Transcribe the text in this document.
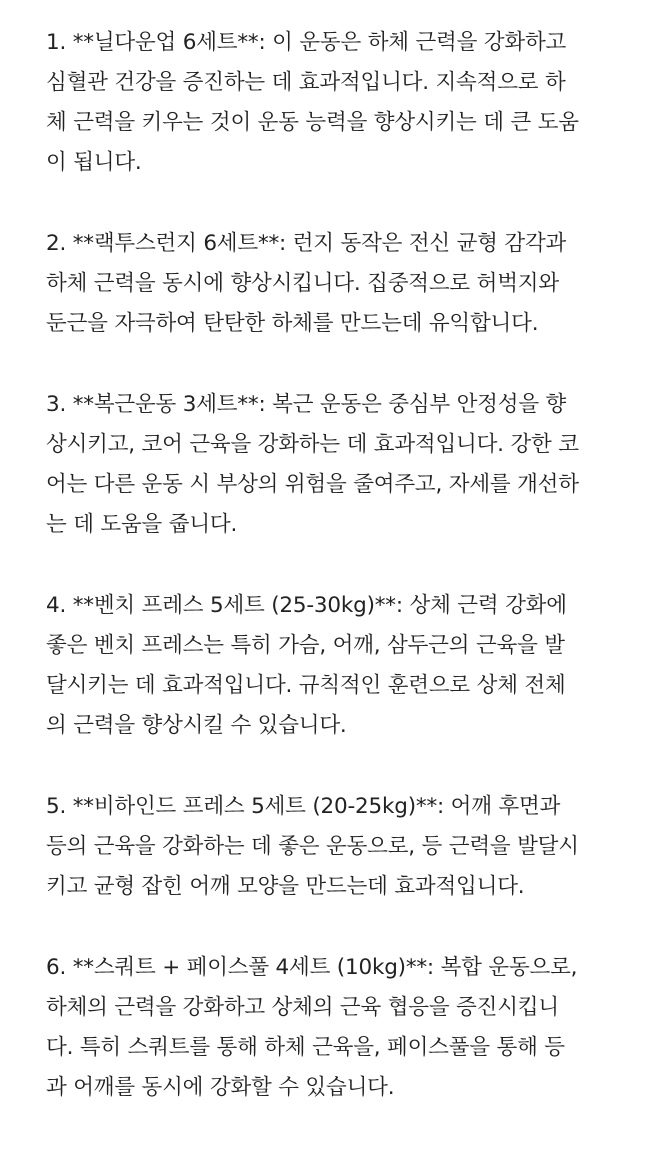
1. **닐다운업 6세트**: 이 운동은 하체 근력을 강화하고
심혈관 건강을 증진하는 데 효과적입니다. 지속적으로 하
체 근력을 키우는 것이 운동 능력을 향상시키는 데 큰 도움
이 됩니다.
2. **랙투스런지 6세트**: 런지 동작은 전신 균형 감각과
하체 근력을 동시에 향상시킵니다. 집중적으로 허벅지와
둔근을 자극하여 탄탄한 하체를 만드는데 유익합니다.
3. **복근운동 3세트**: 복근 운동은 중심부 안정성을 향
상시키고, 코어 근육을 강화하는 데 효과적입니다. 강한 코
어는 다른 운동 시 부상의 위험을 줄여주고, 자세를 개선하
는 데 도움을 줍니다.
4. **벤치 프레스 5세트 (25-30kg)**: 상체 근력 강화에
좋은 벤치 프레스는 특히 가슴, 어깨, 삼두근의 근육을 발
달시키는 데 효과적입니다. 규칙적인 훈련으로 상체 전체
의 근력을 향상시킬 수 있습니다.
5. **비하인드 프레스 5세트 (20-25kg)**: 어깨 후면과
등의 근육을 강화하는 데 좋은 운동으로, 등 근력을 발달시
키고 균형 잡힌 어깨 모양을 만드는데 효과적입니다.
6. **스쿼트 + 페이스풀 4세트 (10kg)**: 복합 운동으로,
하체의 근력을 강화하고 상체의 근육 협응을 증진시킵니
다. 특히 스쿼트를 통해 하체 근육을, 페이스풀을 통해 등
과 어깨를 동시에 강화할 수 있습니다.
